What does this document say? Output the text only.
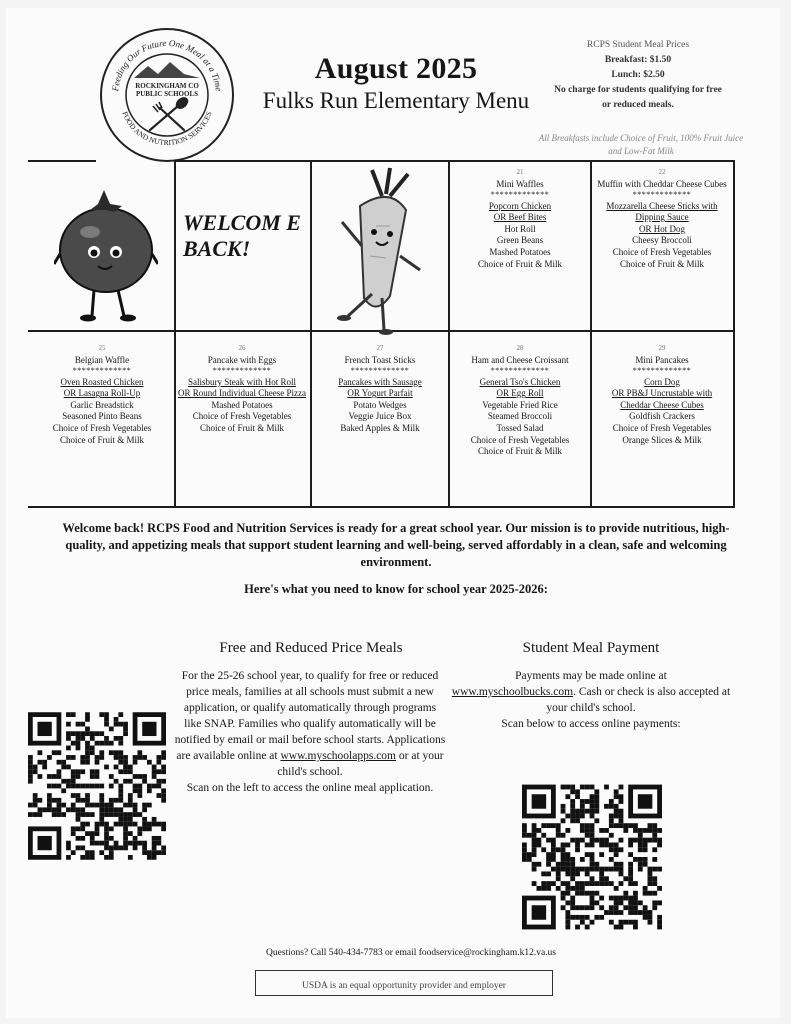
Feeding Our Future One Meal at a Time
FOOD AND NUTRITION SERVICES
ROCKINGHAM CO
PUBLIC SCHOOLS
August 2025
Fulks Run Elementary Menu
RCPS Student Meal Prices
Breakfast: $1.50
Lunch: $2.50
No charge for students qualifying for free or reduced meals.
All Breakfasts include Choice of Fruit, 100% Fruit Juice and Low-Fat Milk
WELCOM E BACK!
21
Mini Waffles
*************
Popcorn Chicken
OR Beef Bites
Hot Roll
Green Beans
Mashed Potatoes
Choice of Fruit & Milk
22
Muffin with Cheddar Cheese Cubes
*************
Mozzarella Cheese Sticks with Dipping Sauce
OR Hot Dog
Cheesy Broccoli
Choice of Fresh Vegetables
Choice of Fruit & Milk
25
Belgian Waffle
*************
Oven Roasted Chicken
OR Lasagna Roll-Up
Garlic Breadstick
Seasoned Pinto Beans
Choice of Fresh Vegetables
Choice of Fruit & Milk
26
Pancake with Eggs
*************
Salisbury Steak with Hot Roll
OR Round Individual Cheese Pizza
Mashed Potatoes
Choice of Fresh Vegetables
Choice of Fruit & Milk
27
French Toast Sticks
*************
Pancakes with Sausage
OR Yogurt Parfait
Potato Wedges
Veggie Juice Box
Baked Apples & Milk
28
Ham and Cheese Croissant
*************
General Tso's Chicken
OR Egg Roll
Vegetable Fried Rice
Steamed Broccoli
Tossed Salad
Choice of Fresh Vegetables
Choice of Fruit & Milk
29
Mini Pancakes
*************
Corn Dog
OR PB&J Uncrustable with Cheddar Cheese Cubes
Goldfish Crackers
Choice of Fresh Vegetables
Orange Slices & Milk
Welcome back! RCPS Food and Nutrition Services is ready for a great school year. Our mission is to provide nutritious, high-quality, and appetizing meals that support student learning and well-being, served affordably in a clean, safe and welcoming environment.
Here's what you need to know for school year 2025-2026:
Free and Reduced Price Meals
For the 25-26 school year, to qualify for free or reduced price meals, families at all schools must submit a new application, or qualify automatically through programs like SNAP. Families who qualify automatically will be notified by email or mail before school starts. Applications are available online at www.myschoolapps.com or at your child's school.
Scan on the left to access the online meal application.
Student Meal Payment
Payments may be made online at
www.myschoolbucks.com. Cash or check is also accepted at your child's school.
Scan below to access online payments:
Questions? Call 540-434-7783 or email foodservice@rockingham.k12.va.us
USDA is an equal opportunity provider and employer
